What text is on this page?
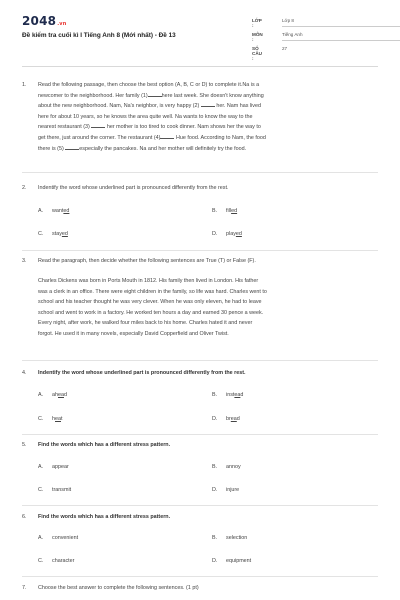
2048.vn
Đề kiểm tra cuối kì I Tiếng Anh 8 (Mới nhất) - Đề 13
LỚP :
Lớp 8
MÔN :
Tiếng Anh
SỐ CÂU :
27
1. Read the following passage, then choose the best option (A, B, C or D) to complete it.Na is a
newcomer to the neighborhood. Her family (1)	here last week. She doesn't know anything
about the new neighborhood. Nam, Na's neighbor, is very happy (2)	her. Nam has lived
here for about 10 years, so he knows the area quite well. Na wants to know the way to the
nearest restaurant (3)	her mother is too tired to cook dinner. Nam shows her the way to
get there, just around the corner. The restaurant (4)	Hue food. According to Nam, the food
there is (5)	especially the pancakes. Na and her mother will definitely try the food.
2. Indentify the word whose underlined part is pronounced differently from the rest.
A. wanted	B. filled
C. stayed	D. played
3. Read the paragraph, then decide whether the following sentences are True (T) or False (F).
Charles Dickens was born in Ports Mouth in 1812. His family then lived in London. His father
was a clerk in an office. There were eight children in the family, so life was hard. Charles went to
school and his teacher thought he was very clever. When he was only eleven, he had to leave
school and went to work in a factory. He worked ten hours a day and earned 30 pence a week.
Every night, after work, he walked four miles back to his home. Charles hated it and never
forgot. He used it in many novels, especially David Copperfield and Oliver Twist.
4. Indentify the word whose underlined part is pronounced differently from the rest.
A. ahead	B. instead
C. heat	D. bread
5. Find the words which has a different stress pattern.
A. appear	B. annoy
C. transmit	D. injure
6. Find the words which has a different stress pattern.
A. convenient	B. selection
C. character	D. equipment
7. Choose the best answer to complete the following sentences. (1 pt)
